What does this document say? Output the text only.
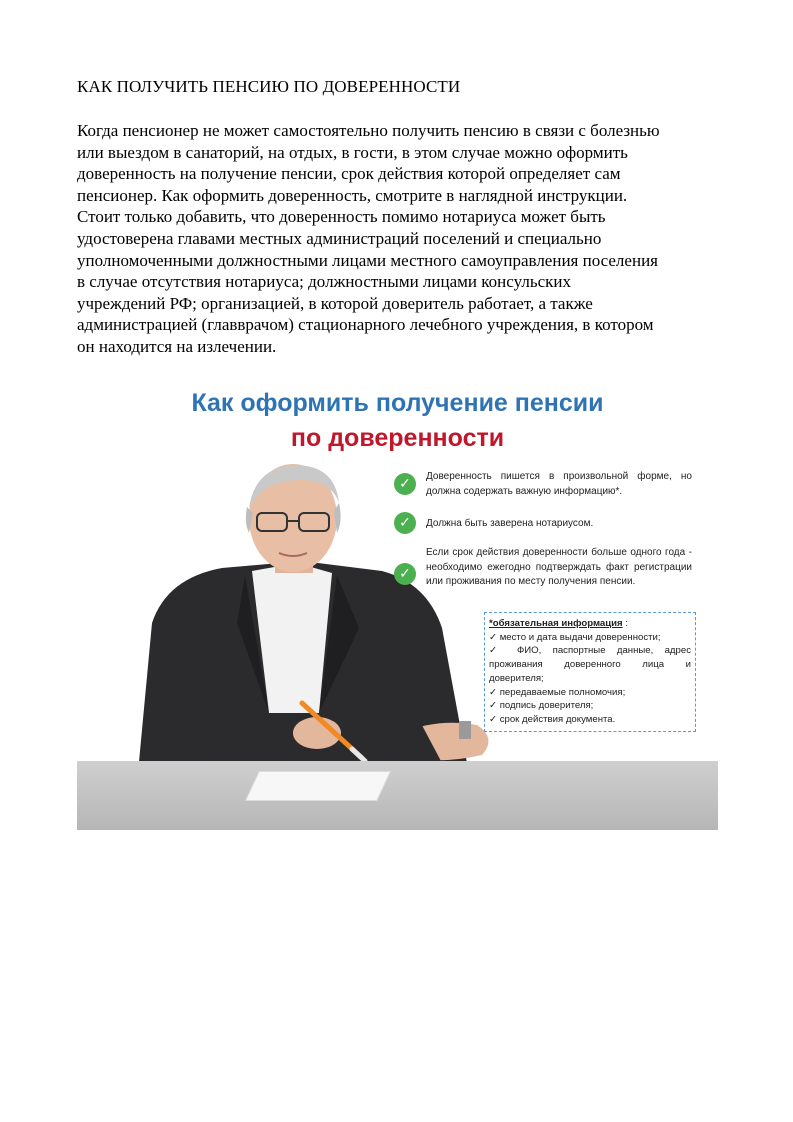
КАК ПОЛУЧИТЬ ПЕНСИЮ ПО ДОВЕРЕННОСТИ
Когда пенсионер не может самостоятельно получить пенсию в связи с болезнью
или выездом в санаторий, на отдых, в гости, в этом случае можно оформить
доверенность на получение пенсии, срок действия которой определяет сам
пенсионер. Как оформить доверенность, смотрите в наглядной инструкции.
Стоит только добавить, что доверенность помимо нотариуса может быть
удостоверена главами местных администраций поселений и специально
уполномоченными должностными лицами местного самоуправления поселения
в случае отсутствия нотариуса; должностными лицами консульских
учреждений РФ; организацией, в которой доверитель работает, а также
администрацией (главврачом) стационарного лечебного учреждения, в котором
он находится на излечении.
Как оформить получение пенсии
по доверенности
✓	Доверенность пишется в произвольной форме, но должна содержать важную информацию*.
✓	Должна быть заверена нотариусом.
✓
Если срок действия доверенности больше одного года - необходимо ежегодно подтверждать факт регистрации или проживания по месту получения пенсии.
*обязательная информация :
✓ место и дата выдачи доверенности;
✓ ФИО, паспортные данные, адрес проживания доверенного лица и доверителя;
✓ передаваемые полномочия;
✓ подпись доверителя;
✓ срок действия документа.
